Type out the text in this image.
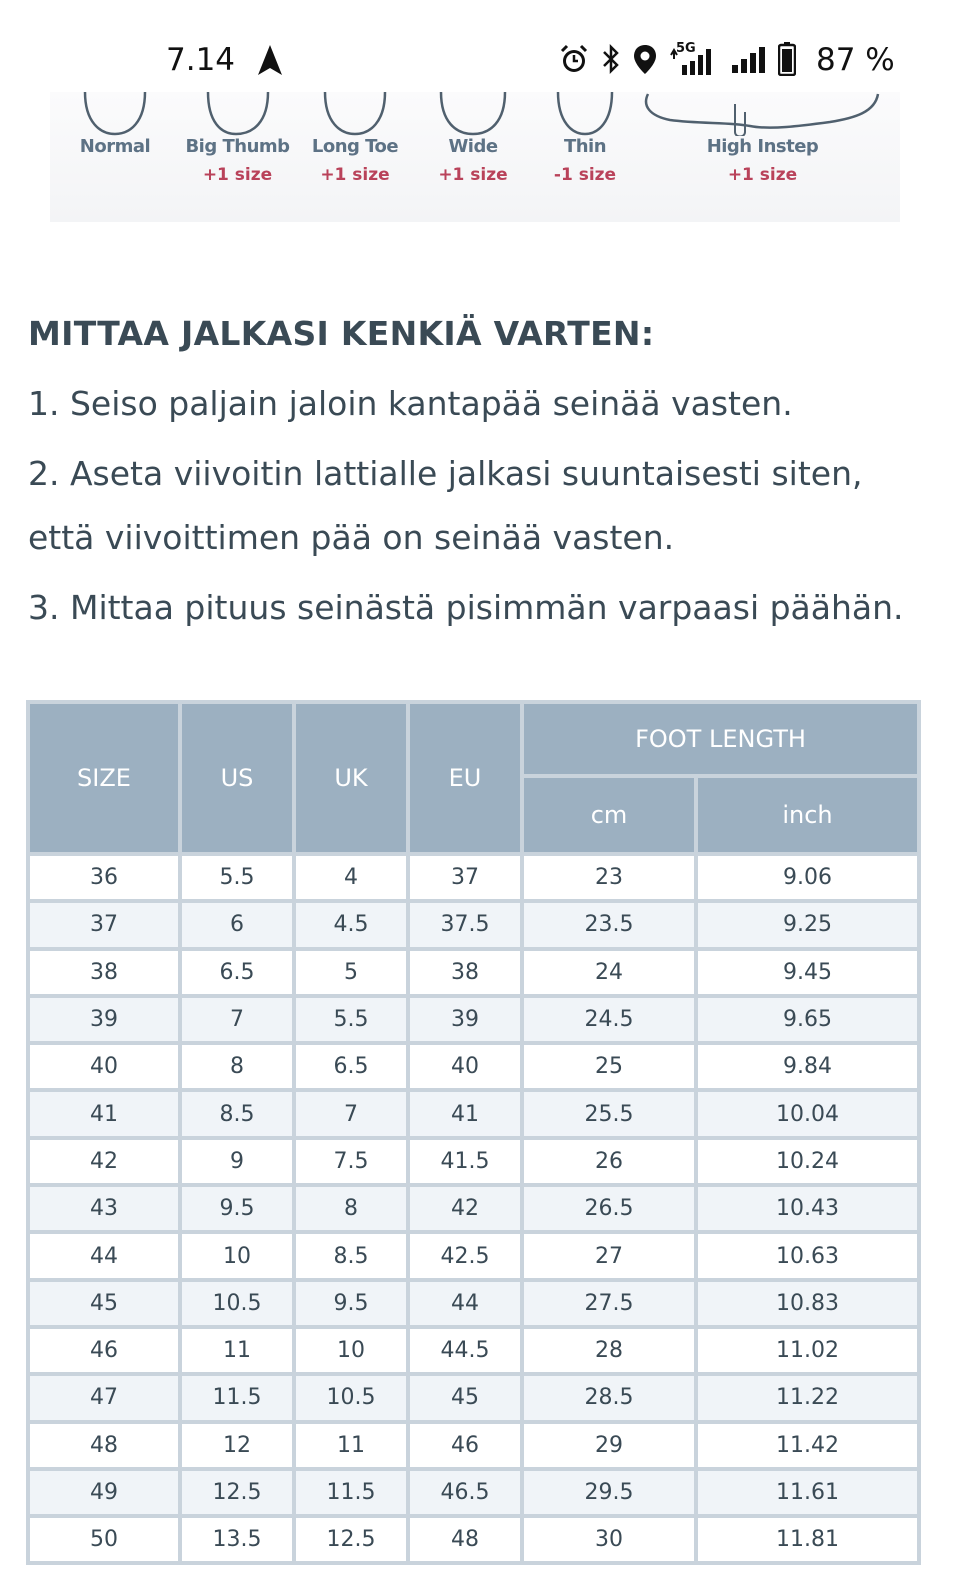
7.14	5G	87 %
Normal	Big Thumb
+1 size
Long Toe
+1 size
Wide
+1 size
Thin
-1 size
High Instep
+1 size
MITTAA JALKASI KENKIÄ VARTEN:
1. Seiso paljain jaloin kantapää seinää vasten.
2. Aseta viivoitin lattialle jalkasi suuntaisesti siten,
että viivoittimen pää on seinää vasten.
3. Mittaa pituus seinästä pisimmän varpaasi päähän.
SIZE	US	UK	EU	FOOT LENGTH	
				cm	inch
36	5.5	4	37	23	9.06
37	6	4.5	37.5	23.5	9.25
38	6.5	5	38	24	9.45
39	7	5.5	39	24.5	9.65
40	8	6.5	40	25	9.84
41	8.5	7	41	25.5	10.04
42	9	7.5	41.5	26	10.24
43	9.5	8	42	26.5	10.43
44	10	8.5	42.5	27	10.63
45	10.5	9.5	44	27.5	10.83
46	11	10	44.5	28	11.02
47	11.5	10.5	45	28.5	11.22
48	12	11	46	29	11.42
49	12.5	11.5	46.5	29.5	11.61
50	13.5	12.5	48	30	11.81
